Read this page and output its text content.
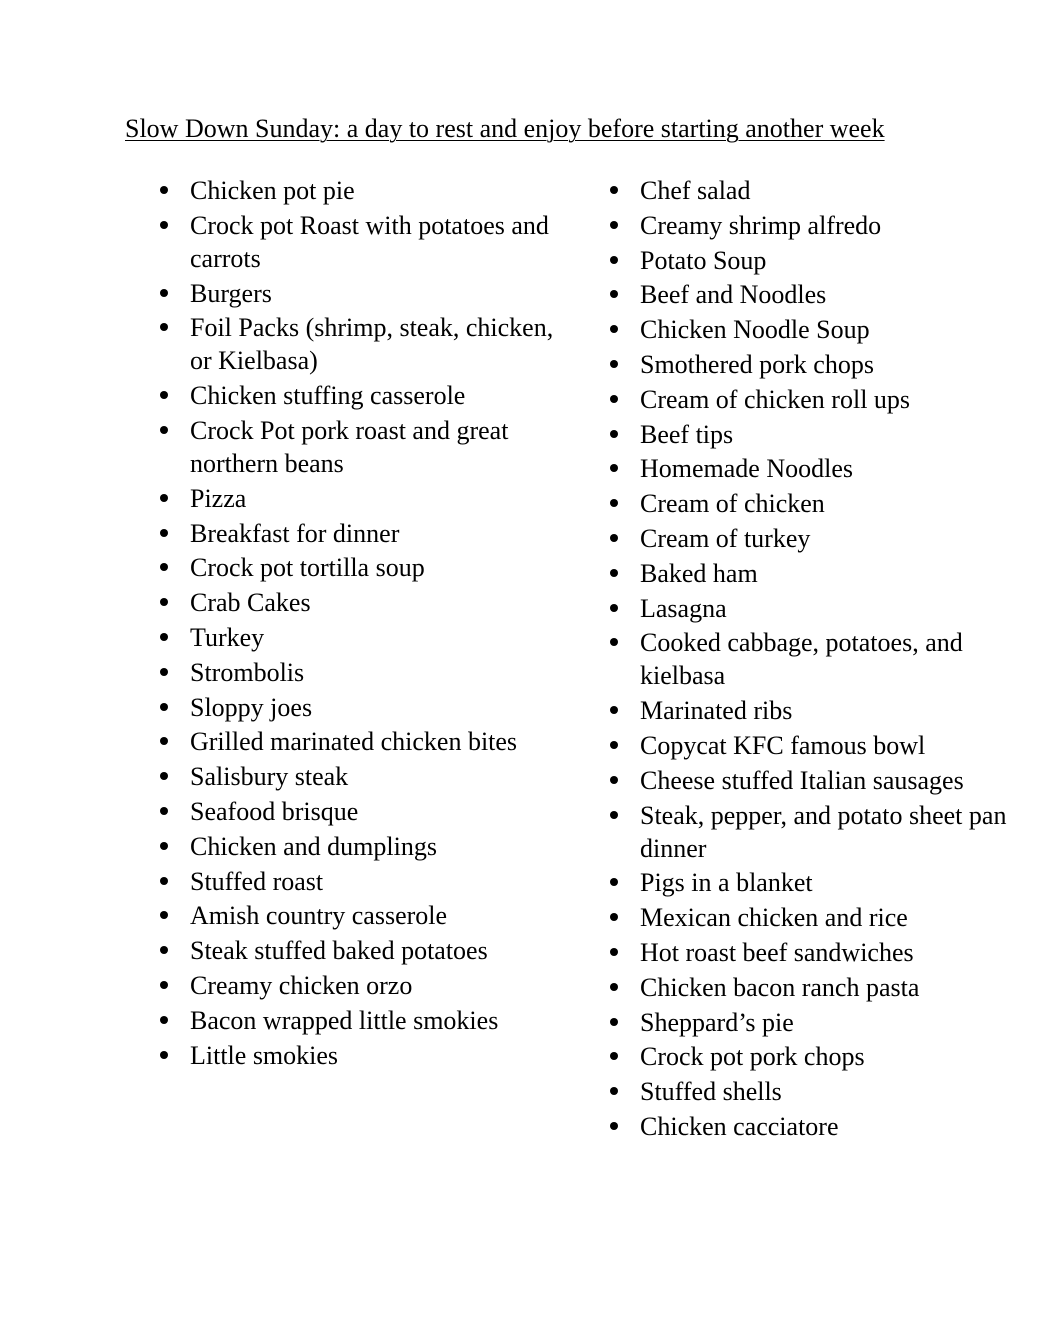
Slow Down Sunday: a day to rest and enjoy before starting another week
Chicken pot pie
Crock pot Roast with potatoes and carrots
Burgers
Foil Packs (shrimp, steak, chicken, or Kielbasa)
Chicken stuffing casserole
Crock Pot pork roast and great northern beans
Pizza
Breakfast for dinner
Crock pot tortilla soup
Crab Cakes
Turkey
Strombolis
Sloppy joes
Grilled marinated chicken bites
Salisbury steak
Seafood brisque
Chicken and dumplings
Stuffed roast
Amish country casserole
Steak stuffed baked potatoes
Creamy chicken orzo
Bacon wrapped little smokies
Little smokies
Chef salad
Creamy shrimp alfredo
Potato Soup
Beef and Noodles
Chicken Noodle Soup
Smothered pork chops
Cream of chicken roll ups
Beef tips
Homemade Noodles
Cream of chicken
Cream of turkey
Baked ham
Lasagna
Cooked cabbage, potatoes, and kielbasa
Marinated ribs
Copycat KFC famous bowl
Cheese stuffed Italian sausages
Steak, pepper, and potato sheet pan dinner
Pigs in a blanket
Mexican chicken and rice
Hot roast beef sandwiches
Chicken bacon ranch pasta
Sheppard’s pie
Crock pot pork chops
Stuffed shells
Chicken cacciatore
